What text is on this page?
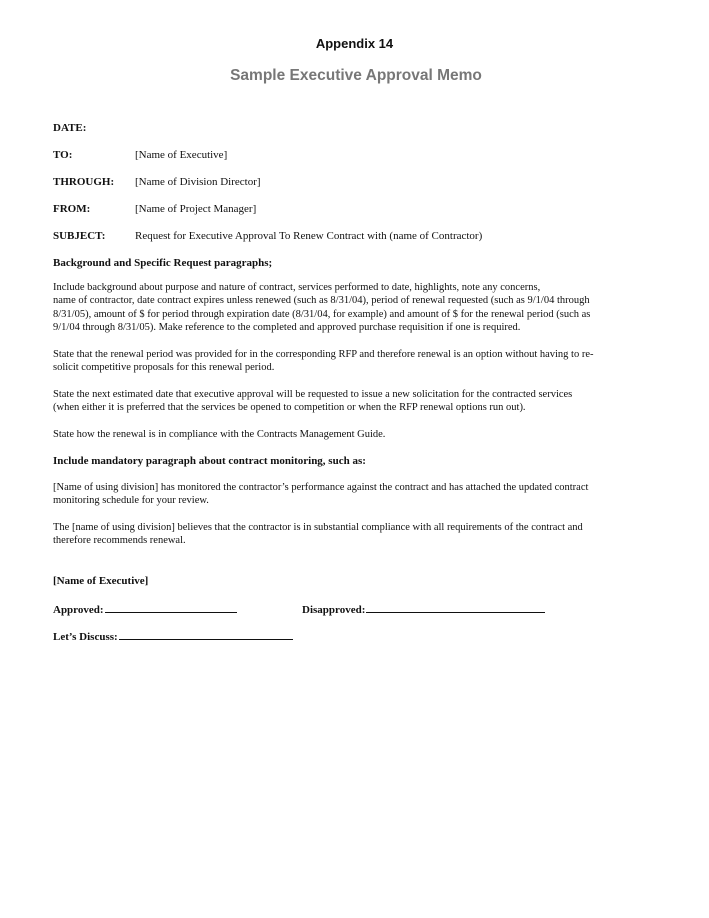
Appendix 14
Sample Executive Approval Memo
DATE:
TO:	[Name of Executive]
THROUGH: [Name of Division Director]
FROM:	[Name of Project Manager]
SUBJECT:	Request for Executive Approval To Renew Contract with (name of Contractor)
Background and Specific Request paragraphs;

Include background about purpose and nature of contract, services performed to date, highlights, note any concerns,
name of contractor, date contract expires unless renewed (such as 8/31/04), period of renewal requested (such as 9/1/04 through
8/31/05), amount of $ for period through expiration date (8/31/04, for example) and amount of $ for the renewal period (such as
9/1/04 through 8/31/05). Make reference to the completed and approved purchase requisition if one is required.

State that the renewal period was provided for in the corresponding RFP and therefore renewal is an option without having to re-
solicit competitive proposals for this renewal period.

State the next estimated date that executive approval will be requested to issue a new solicitation for the contracted services
(when either it is preferred that the services be opened to competition or when the RFP renewal options run out).

State how the renewal is in compliance with the Contracts Management Guide.

Include mandatory paragraph about contract monitoring, such as:

[Name of using division] has monitored the contractor’s performance against the contract and has attached the updated contract
monitoring schedule for your review.

The [name of using division] believes that the contractor is in substantial compliance with all requirements of the contract and
therefore recommends renewal.

[Name of Executive]
Approved:	Disapproved:
Let’s Discuss:
